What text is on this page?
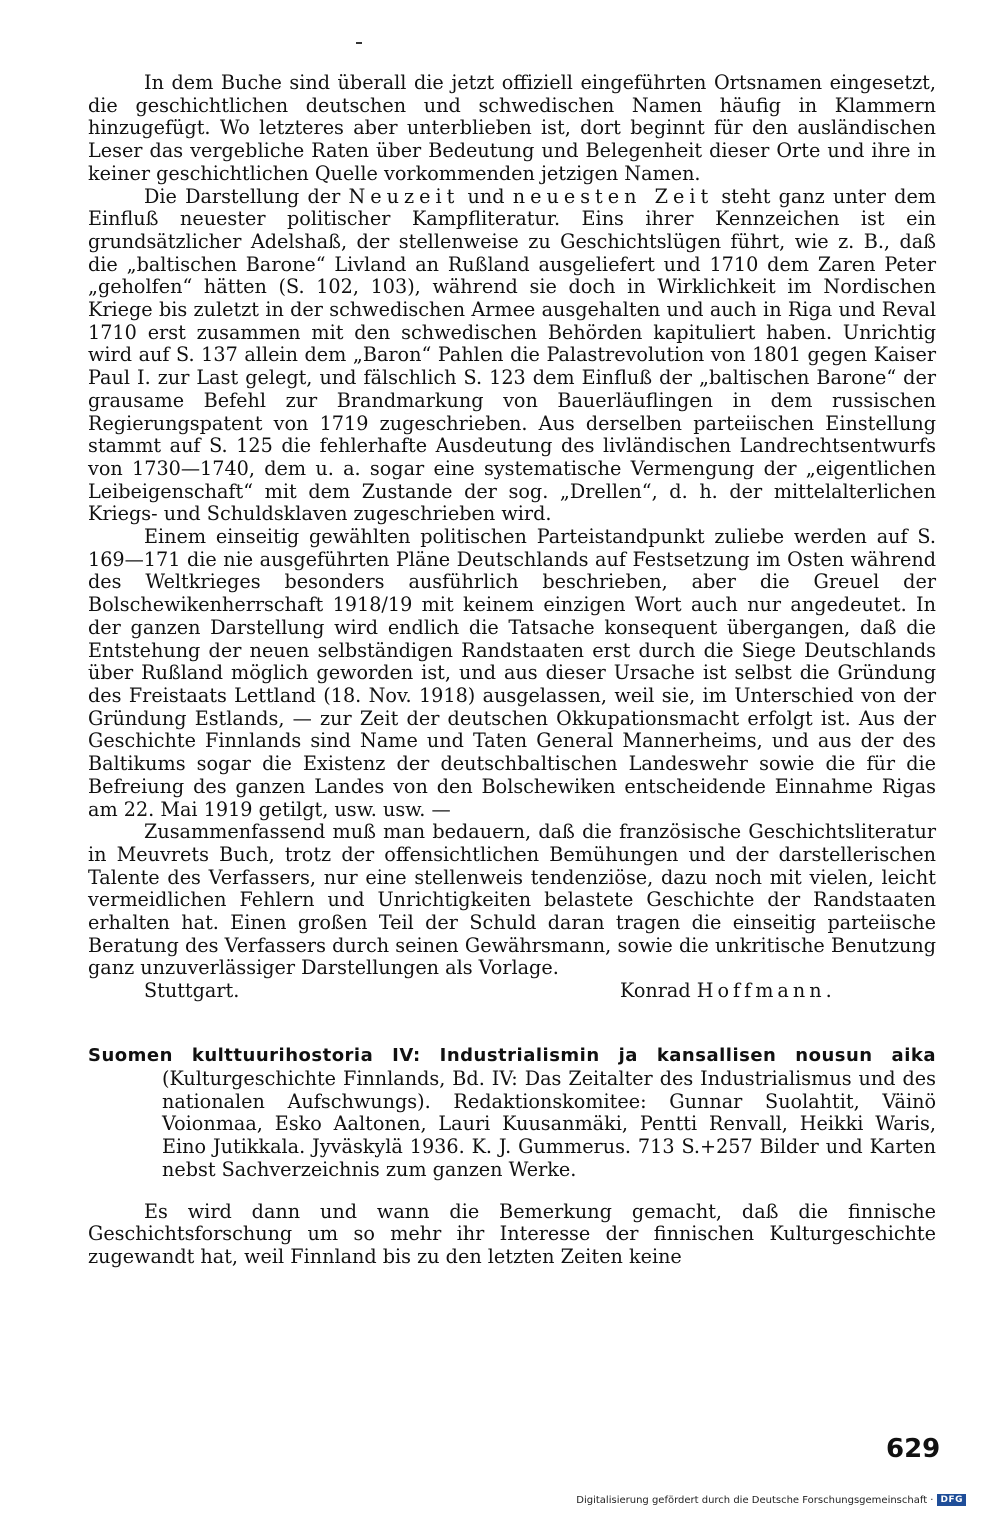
In dem Buche sind überall die jetzt offiziell eingeführten Ortsnamen eingesetzt, die geschichtlichen deutschen und schwedischen Namen häufig in Klammern hinzugefügt. Wo letzteres aber unterblieben ist, dort beginnt für den ausländischen Leser das vergebliche Raten über Bedeutung und Belegenheit dieser Orte und ihre in keiner geschichtlichen Quelle vorkommenden jetzigen Namen.

Die Darstellung der Neuzeit und neuesten Zeit steht ganz unter dem Einfluß neuester politischer Kampfliteratur. Eins ihrer Kennzeichen ist ein grundsätzlicher Adelshaß, der stellenweise zu Geschichtslügen führt, wie z. B., daß die „baltischen Barone“ Livland an Rußland ausgeliefert und 1710 dem Zaren Peter „geholfen“ hätten (S. 102, 103), während sie doch in Wirklichkeit im Nordischen Kriege bis zuletzt in der schwedischen Armee ausgehalten und auch in Riga und Reval 1710 erst zusammen mit den schwedischen Behörden kapituliert haben. Unrichtig wird auf S. 137 allein dem „Baron“ Pahlen die Palastrevolution von 1801 gegen Kaiser Paul I. zur Last gelegt, und fälschlich S. 123 dem Einfluß der „baltischen Barone“ der grausame Befehl zur Brandmarkung von Bauerläuflingen in dem russischen Regierungspatent von 1719 zugeschrieben. Aus derselben parteiischen Einstellung stammt auf S. 125 die fehlerhafte Ausdeutung des livländischen Landrechtsentwurfs von 1730—1740, dem u. a. sogar eine systematische Vermengung der „eigentlichen Leibeigenschaft“ mit dem Zustande der sog. „Drellen“, d. h. der mittelalterlichen Kriegs- und Schuldsklaven zugeschrieben wird.

Einem einseitig gewählten politischen Parteistandpunkt zuliebe werden auf S. 169—171 die nie ausgeführten Pläne Deutschlands auf Festsetzung im Osten während des Weltkrieges besonders ausführlich beschrieben, aber die Greuel der Bolschewikenherrschaft 1918/19 mit keinem einzigen Wort auch nur angedeutet. In der ganzen Darstellung wird endlich die Tatsache konsequent übergangen, daß die Entstehung der neuen selbständigen Randstaaten erst durch die Siege Deutschlands über Rußland möglich geworden ist, und aus dieser Ursache ist selbst die Gründung des Freistaats Lettland (18. Nov. 1918) ausgelassen, weil sie, im Unterschied von der Gründung Estlands, — zur Zeit der deutschen Okkupationsmacht erfolgt ist. Aus der Geschichte Finnlands sind Name und Taten General Mannerheims, und aus der des Baltikums sogar die Existenz der deutschbaltischen Landeswehr sowie die für die Befreiung des ganzen Landes von den Bolschewiken entscheidende Einnahme Rigas am 22. Mai 1919 getilgt, usw. usw. —

Zusammenfassend muß man bedauern, daß die französische Geschichtsliteratur in Meuvrets Buch, trotz der offensichtlichen Bemühungen und der darstellerischen Talente des Verfassers, nur eine stellenweis tendenziöse, dazu noch mit vielen, leicht vermeidlichen Fehlern und Unrichtigkeiten belastete Geschichte der Randstaaten erhalten hat. Einen großen Teil der Schuld daran tragen die einseitig parteiische Beratung des Verfassers durch seinen Gewährsmann, sowie die unkritische Benutzung ganz unzuverlässiger Darstellungen als Vorlage.

Stuttgart.	Konrad Hoffmann.

Suomen kulttuurihostoria IV: Industrialismin ja kansallisen nousun aika (Kulturgeschichte Finnlands, Bd. IV: Das Zeitalter des Industrialismus und des nationalen Aufschwungs). Redaktionskomitee: Gunnar Suolahtit, Väinö Voionmaa, Esko Aaltonen, Lauri Kuusanmäki, Pentti Renvall, Heikki Waris, Eino Jutikkala. Jyväskylä 1936. K. J. Gummerus. 713 S.+257 Bilder und Karten nebst Sachverzeichnis zum ganzen Werke.

Es wird dann und wann die Bemerkung gemacht, daß die finnische Geschichtsforschung um so mehr ihr Interesse der finnischen Kulturgeschichte zugewandt hat, weil Finnland bis zu den letzten Zeiten keine

629
Digitalisierung gefördert durch die Deutsche Forschungsgemeinschaft · DFG
